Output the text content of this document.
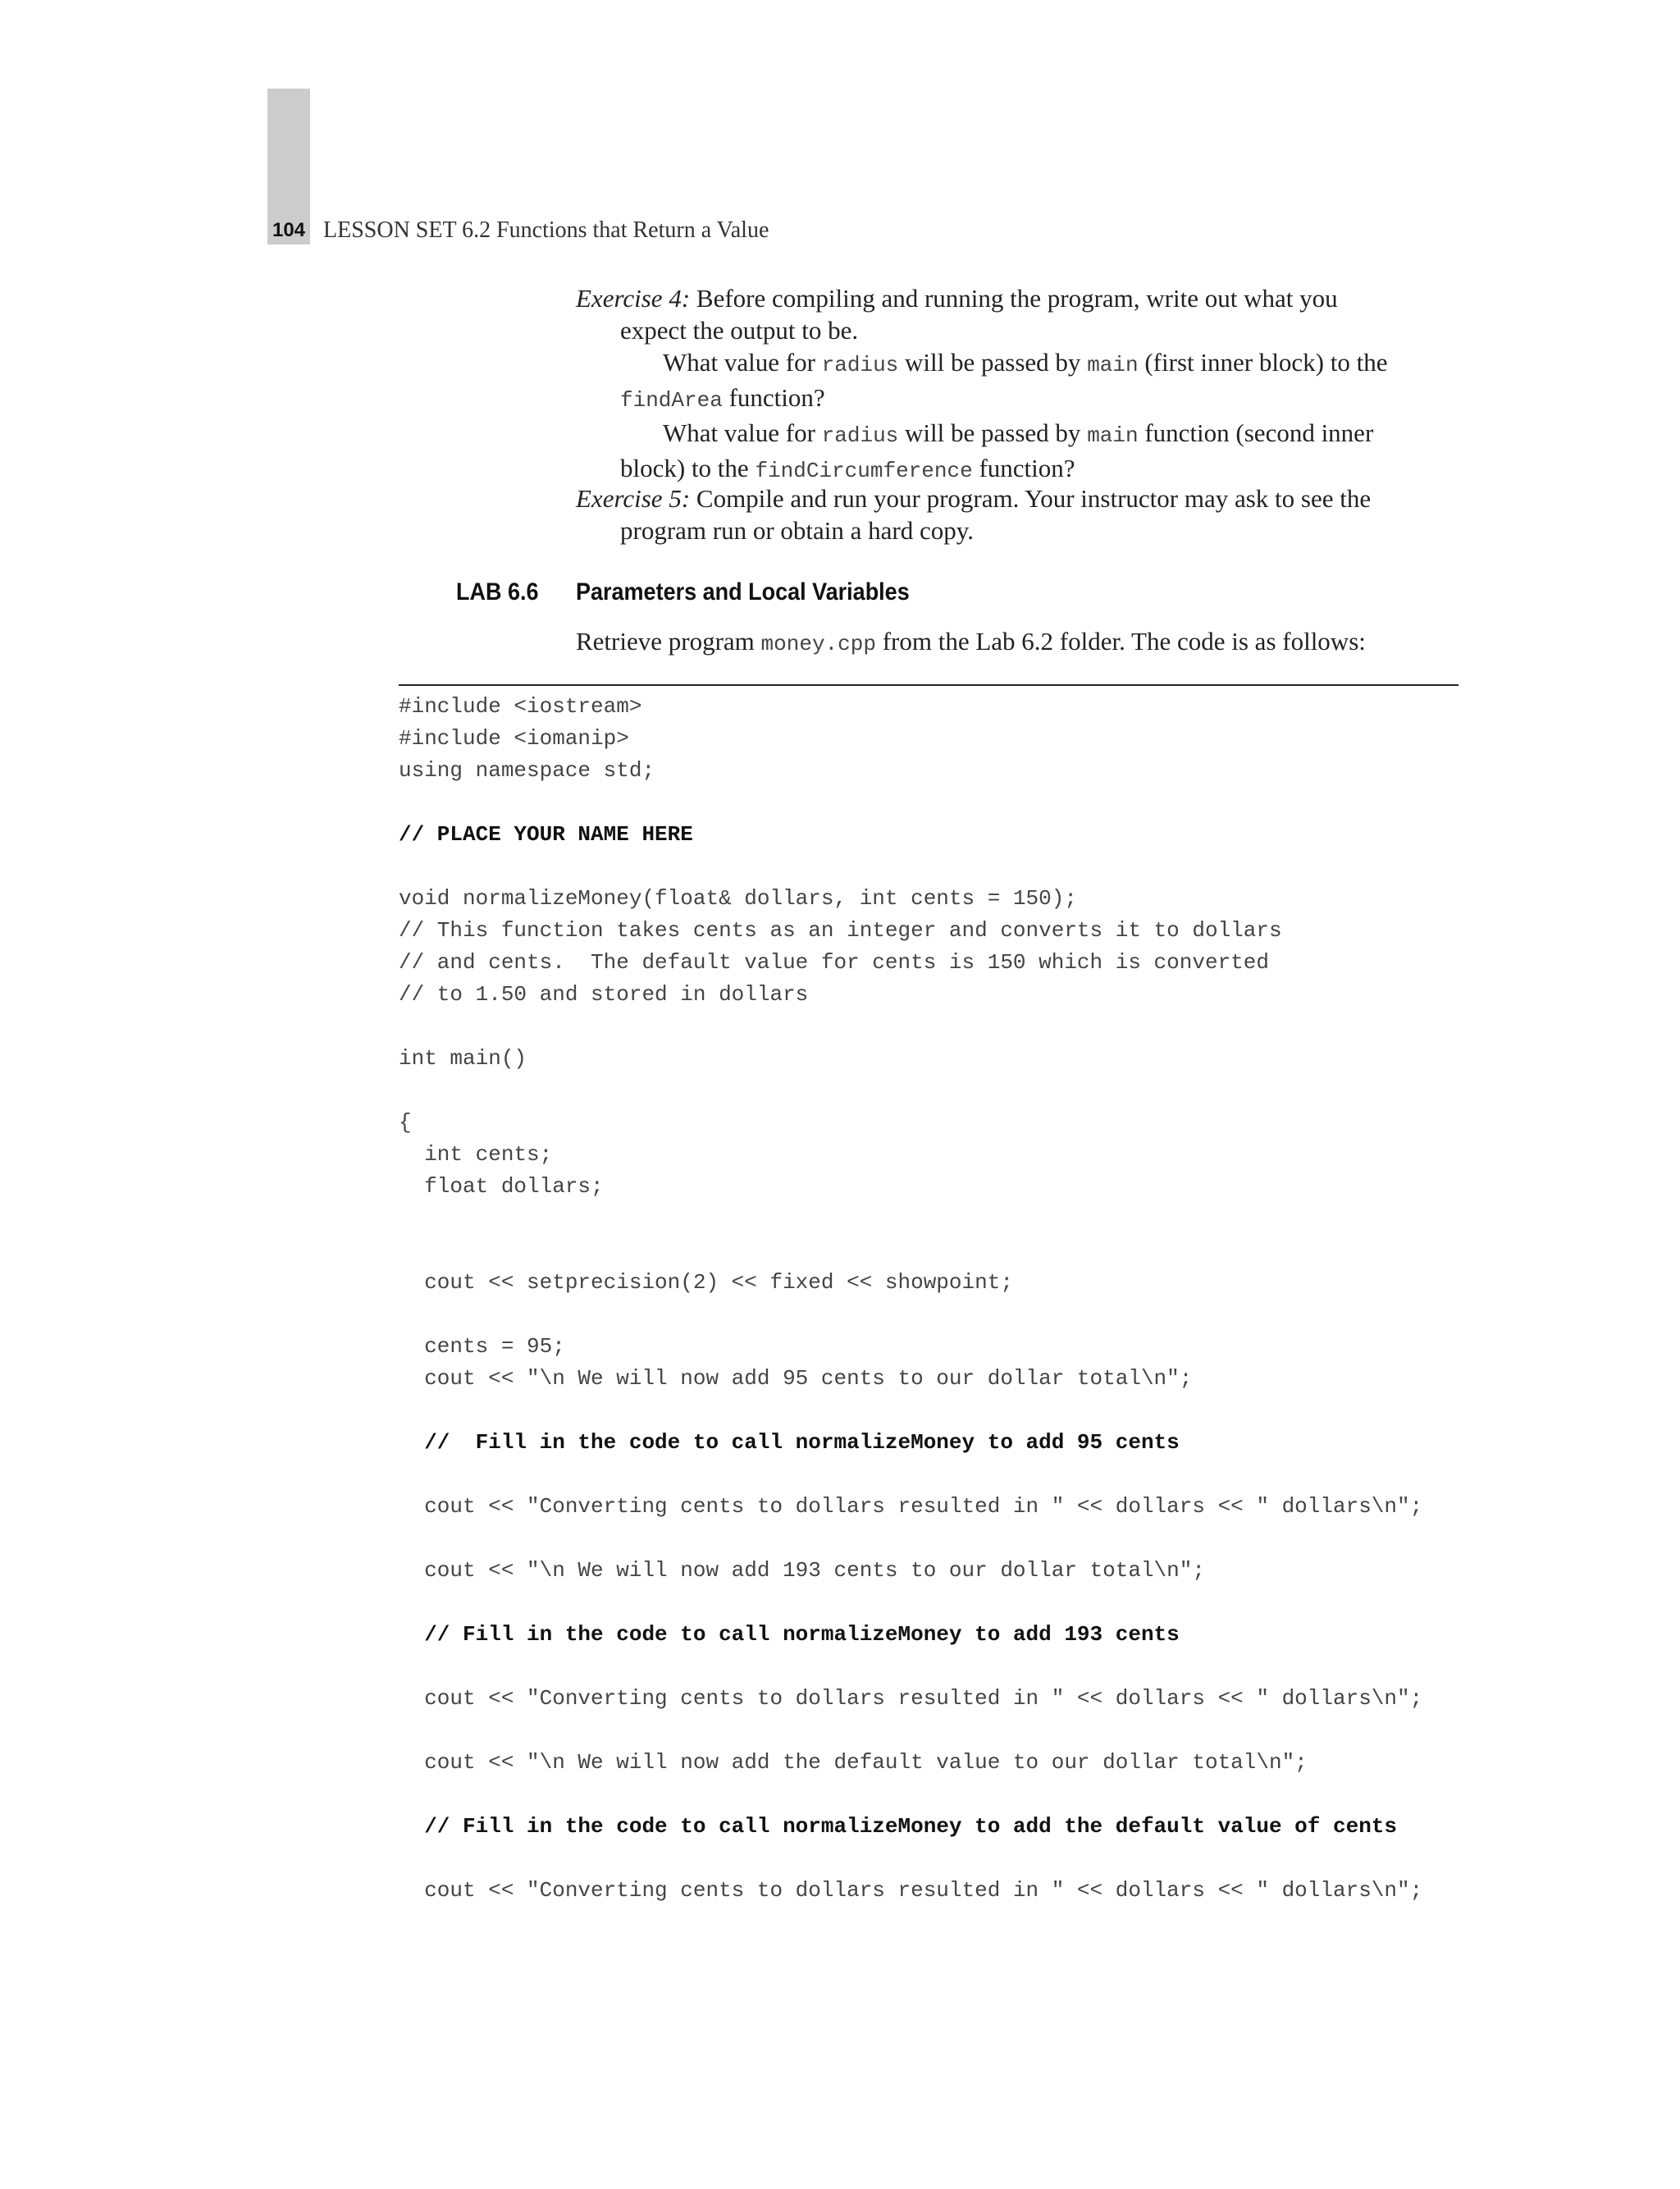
104 LESSON SET 6.2 Functions that Return a Value
Exercise 4: Before compiling and running the program, write out what you
expect the output to be.
What value for radius will be passed by main (first inner block) to the
findArea function?
What value for radius will be passed by main function (second inner
block) to the findCircumference function?
Exercise 5: Compile and run your program. Your instructor may ask to see the
program run or obtain a hard copy.
LAB 6.6 Parameters and Local Variables
Retrieve program money.cpp from the Lab 6.2 folder. The code is as follows:
#include <iostream>
#include <iomanip>
using namespace std;
// PLACE YOUR NAME HERE
void normalizeMoney(float& dollars, int cents = 150);
// This function takes cents as an integer and converts it to dollars
// and cents.  The default value for cents is 150 which is converted
// to 1.50 and stored in dollars
int main()
{
int cents;
float dollars;
cout << setprecision(2) << fixed << showpoint;
cents = 95;
cout << "\n We will now add 95 cents to our dollar total\n";
//  Fill in the code to call normalizeMoney to add 95 cents
cout << "Converting cents to dollars resulted in " << dollars << " dollars\n";
cout << "\n We will now add 193 cents to our dollar total\n";
// Fill in the code to call normalizeMoney to add 193 cents
cout << "Converting cents to dollars resulted in " << dollars << " dollars\n";
cout << "\n We will now add the default value to our dollar total\n";
// Fill in the code to call normalizeMoney to add the default value of cents
cout << "Converting cents to dollars resulted in " << dollars << " dollars\n";
